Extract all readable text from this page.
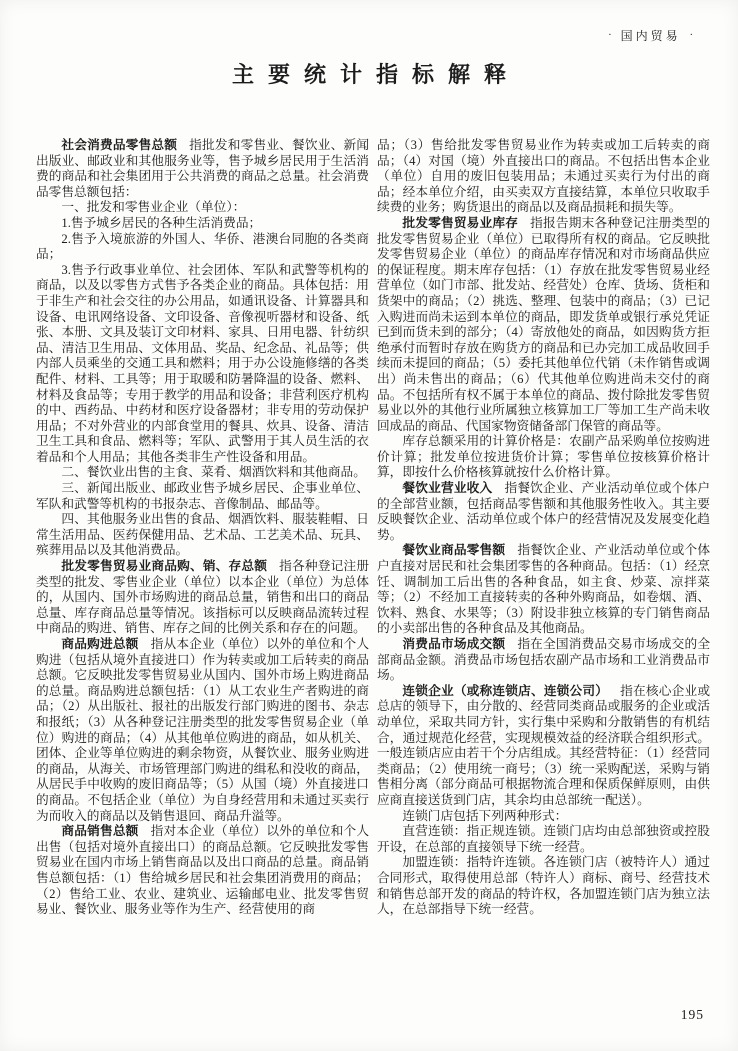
· 国内贸易 ·
主要统计指标解释

社会消费品零售总额 指批发和零售业、餐饮业、新闻出版业、邮政业和其他服务业等，售予城乡居民用于生活消费的商品和社会集团用于公共消费的商品之总量。社会消费品零售总额包括：

一、批发和零售业企业（单位）：

1.售予城乡居民的各种生活消费品；

2.售予入境旅游的外国人、华侨、港澳台同胞的各类商品；

3.售予行政事业单位、社会团体、军队和武警等机构的商品，以及以零售方式售予各类企业的商品。具体包括：用于非生产和社会交往的办公用品，如通讯设备、计算器具和设备、电讯网络设备、文印设备、音像视听器材和设备、纸张、本册、文具及装订文印材料、家具、日用电器、针纺织品、清洁卫生用品、文体用品、奖品、纪念品、礼品等；供内部人员乘坐的交通工具和燃料；用于办公设施修缮的各类配件、材料、工具等；用于取暖和防暑降温的设备、燃料、材料及食品等；专用于教学的用品和设备；非营利医疗机构的中、西药品、中药材和医疗设备器材；非专用的劳动保护用品；不对外营业的内部食堂用的餐具、炊具、设备、清洁卫生工具和食品、燃料等；军队、武警用于其人员生活的衣着品和个人用品；其他各类非生产性设备和用品。

二、餐饮业出售的主食、菜肴、烟酒饮料和其他商品。

三、新闻出版业、邮政业售予城乡居民、企事业单位、军队和武警等机构的书报杂志、音像制品、邮品等。

四、其他服务业出售的食品、烟酒饮料、服装鞋帽、日常生活用品、医药保健用品、艺术品、工艺美术品、玩具、殡葬用品以及其他消费品。

批发零售贸易业商品购、销、存总额 指各种登记注册类型的批发、零售业企业（单位）以本企业（单位）为总体的，从国内、国外市场购进的商品总量，销售和出口的商品总量、库存商品总量等情况。该指标可以反映商品流转过程中商品的购进、销售、库存之间的比例关系和存在的问题。

商品购进总额 指从本企业（单位）以外的单位和个人购进（包括从境外直接进口）作为转卖或加工后转卖的商品总额。它反映批发零售贸易业从国内、国外市场上购进商品的总量。商品购进总额包括：（1）从工农业生产者购进的商品；（2）从出版社、报社的出版发行部门购进的图书、杂志和报纸；（3）从各种登记注册类型的批发零售贸易企业（单位）购进的商品；（4）从其他单位购进的商品，如从机关、团体、企业等单位购进的剩余物资，从餐饮业、服务业购进的商品，从海关、市场管理部门购进的缉私和没收的商品，从居民手中收购的废旧商品等；（5）从国（境）外直接进口的商品。不包括企业（单位）为自身经营用和未通过买卖行为而收入的商品以及销售退回、商品升溢等。

商品销售总额 指对本企业（单位）以外的单位和个人出售（包括对境外直接出口）的商品总额。它反映批发零售贸易业在国内市场上销售商品以及出口商品的总量。商品销售总额包括：（1）售给城乡居民和社会集团消费用的商品；（2）售给工业、农业、建筑业、运输邮电业、批发零售贸易业、餐饮业、服务业等作为生产、经营使用的商

品；（3）售给批发零售贸易业作为转卖或加工后转卖的商品；（4）对国（境）外直接出口的商品。不包括出售本企业（单位）自用的废旧包装用品；未通过买卖行为付出的商品；经本单位介绍，由买卖双方直接结算，本单位只收取手续费的业务；购货退出的商品以及商品损耗和损失等。

批发零售贸易业库存 指报告期末各种登记注册类型的批发零售贸易企业（单位）已取得所有权的商品。它反映批发零售贸易企业（单位）的商品库存情况和对市场商品供应的保证程度。期末库存包括：（1）存放在批发零售贸易业经营单位（如门市部、批发站、经营处）仓库、货场、货柜和货架中的商品；（2）挑选、整理、包装中的商品；（3）已记入购进而尚未运到本单位的商品，即发货单或银行承兑凭证已到而货未到的部分；（4）寄放他处的商品，如因购货方拒绝承付而暂时存放在购货方的商品和已办完加工成品收回手续而未提回的商品；（5）委托其他单位代销（未作销售或调出）尚未售出的商品；（6）代其他单位购进尚未交付的商品。不包括所有权不属于本单位的商品、拨付除批发零售贸易业以外的其他行业所属独立核算加工厂等加工生产尚未收回成品的商品、代国家物资储备部门保管的商品等。

库存总额采用的计算价格是：农副产品采购单位按购进价计算；批发单位按进货价计算；零售单位按核算价格计算，即按什么价格核算就按什么价格计算。

餐饮业营业收入 指餐饮企业、产业活动单位或个体户的全部营业额，包括商品零售额和其他服务性收入。其主要反映餐饮企业、活动单位或个体户的经营情况及发展变化趋势。

餐饮业商品零售额 指餐饮企业、产业活动单位或个体户直接对居民和社会集团零售的各种商品。包括：（1）经烹饪、调制加工后出售的各种食品，如主食、炒菜、凉拌菜等；（2）不经加工直接转卖的各种外购商品，如卷烟、酒、饮料、熟食、水果等；（3）附设非独立核算的专门销售商品的小卖部出售的各种食品及其他商品。

消费品市场成交额 指在全国消费品交易市场成交的全部商品金额。消费品市场包括农副产品市场和工业消费品市场。

连锁企业（或称连锁店、连锁公司） 指在核心企业或总店的领导下，由分散的、经营同类商品或服务的企业或活动单位，采取共同方针，实行集中采购和分散销售的有机结合，通过规范化经营，实现规模效益的经济联合组织形式。一般连锁店应由若干个分店组成。其经营特征：（1）经营同类商品；（2）使用统一商号；（3）统一采购配送，采购与销售相分离（部分商品可根据物流合理和保质保鲜原则，由供应商直接送货到门店，其余均由总部统一配送）。

连锁门店包括下列两种形式：

直营连锁：指正规连锁。连锁门店均由总部独资或控股开设，在总部的直接领导下统一经营。

加盟连锁：指特许连锁。各连锁门店（被特许人）通过合同形式，取得使用总部（特许人）商标、商号、经营技术和销售总部开发的商品的特许权，各加盟连锁门店为独立法人，在总部指导下统一经营。

195
